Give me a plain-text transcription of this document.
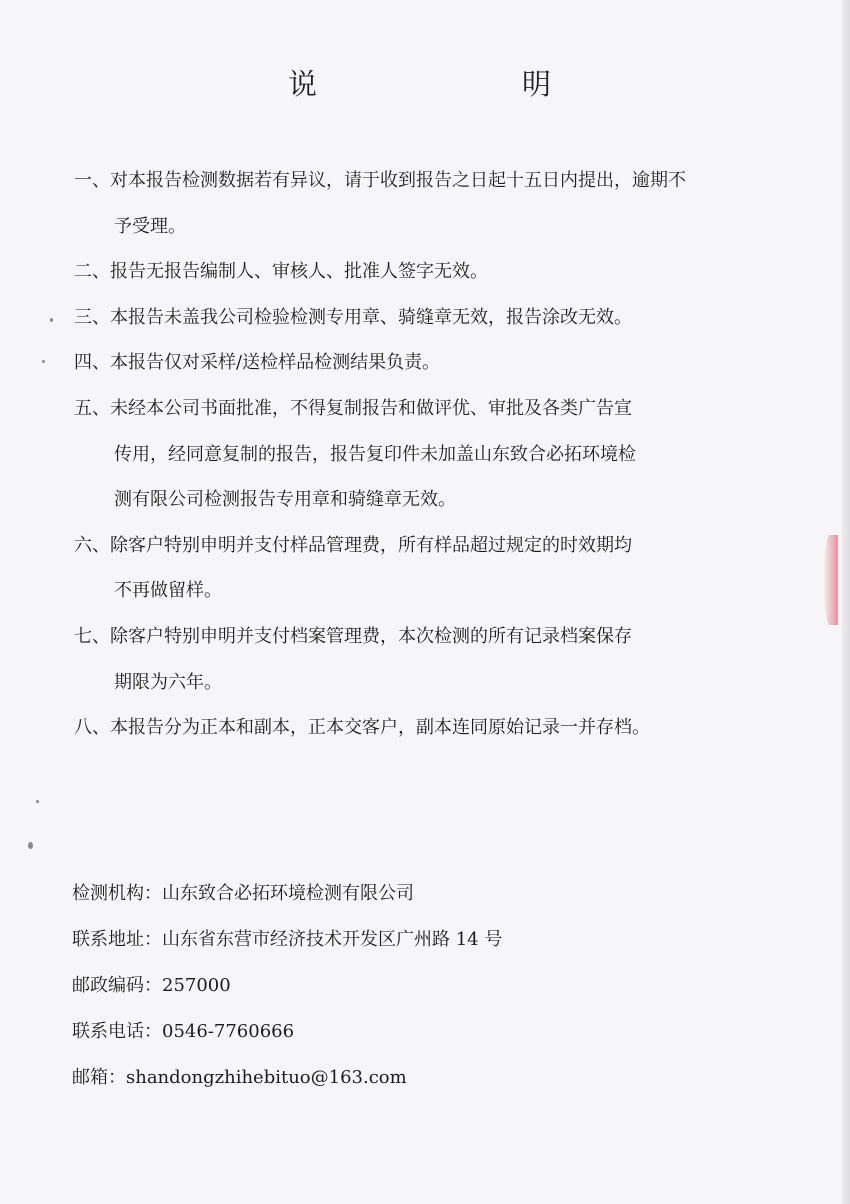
说	明
一、对本报告检测数据若有异议，请于收到报告之日起十五日内提出，逾期不
予受理。
二、报告无报告编制人、审核人、批准人签字无效。
三、本报告未盖我公司检验检测专用章、骑缝章无效，报告涂改无效。
四、本报告仅对采样/送检样品检测结果负责。
五、未经本公司书面批准，不得复制报告和做评优、审批及各类广告宣
传用，经同意复制的报告，报告复印件未加盖山东致合必拓环境检
测有限公司检测报告专用章和骑缝章无效。
六、除客户特别申明并支付样品管理费，所有样品超过规定的时效期均
不再做留样。
七、除客户特别申明并支付档案管理费，本次检测的所有记录档案保存
期限为六年。
八、本报告分为正本和副本，正本交客户，副本连同原始记录一并存档。
检测机构：山东致合必拓环境检测有限公司
联系地址：山东省东营市经济技术开发区广州路 14 号
邮政编码：257000
联系电话：0546-7760666
邮箱：shandongzhihebituo@163.com
